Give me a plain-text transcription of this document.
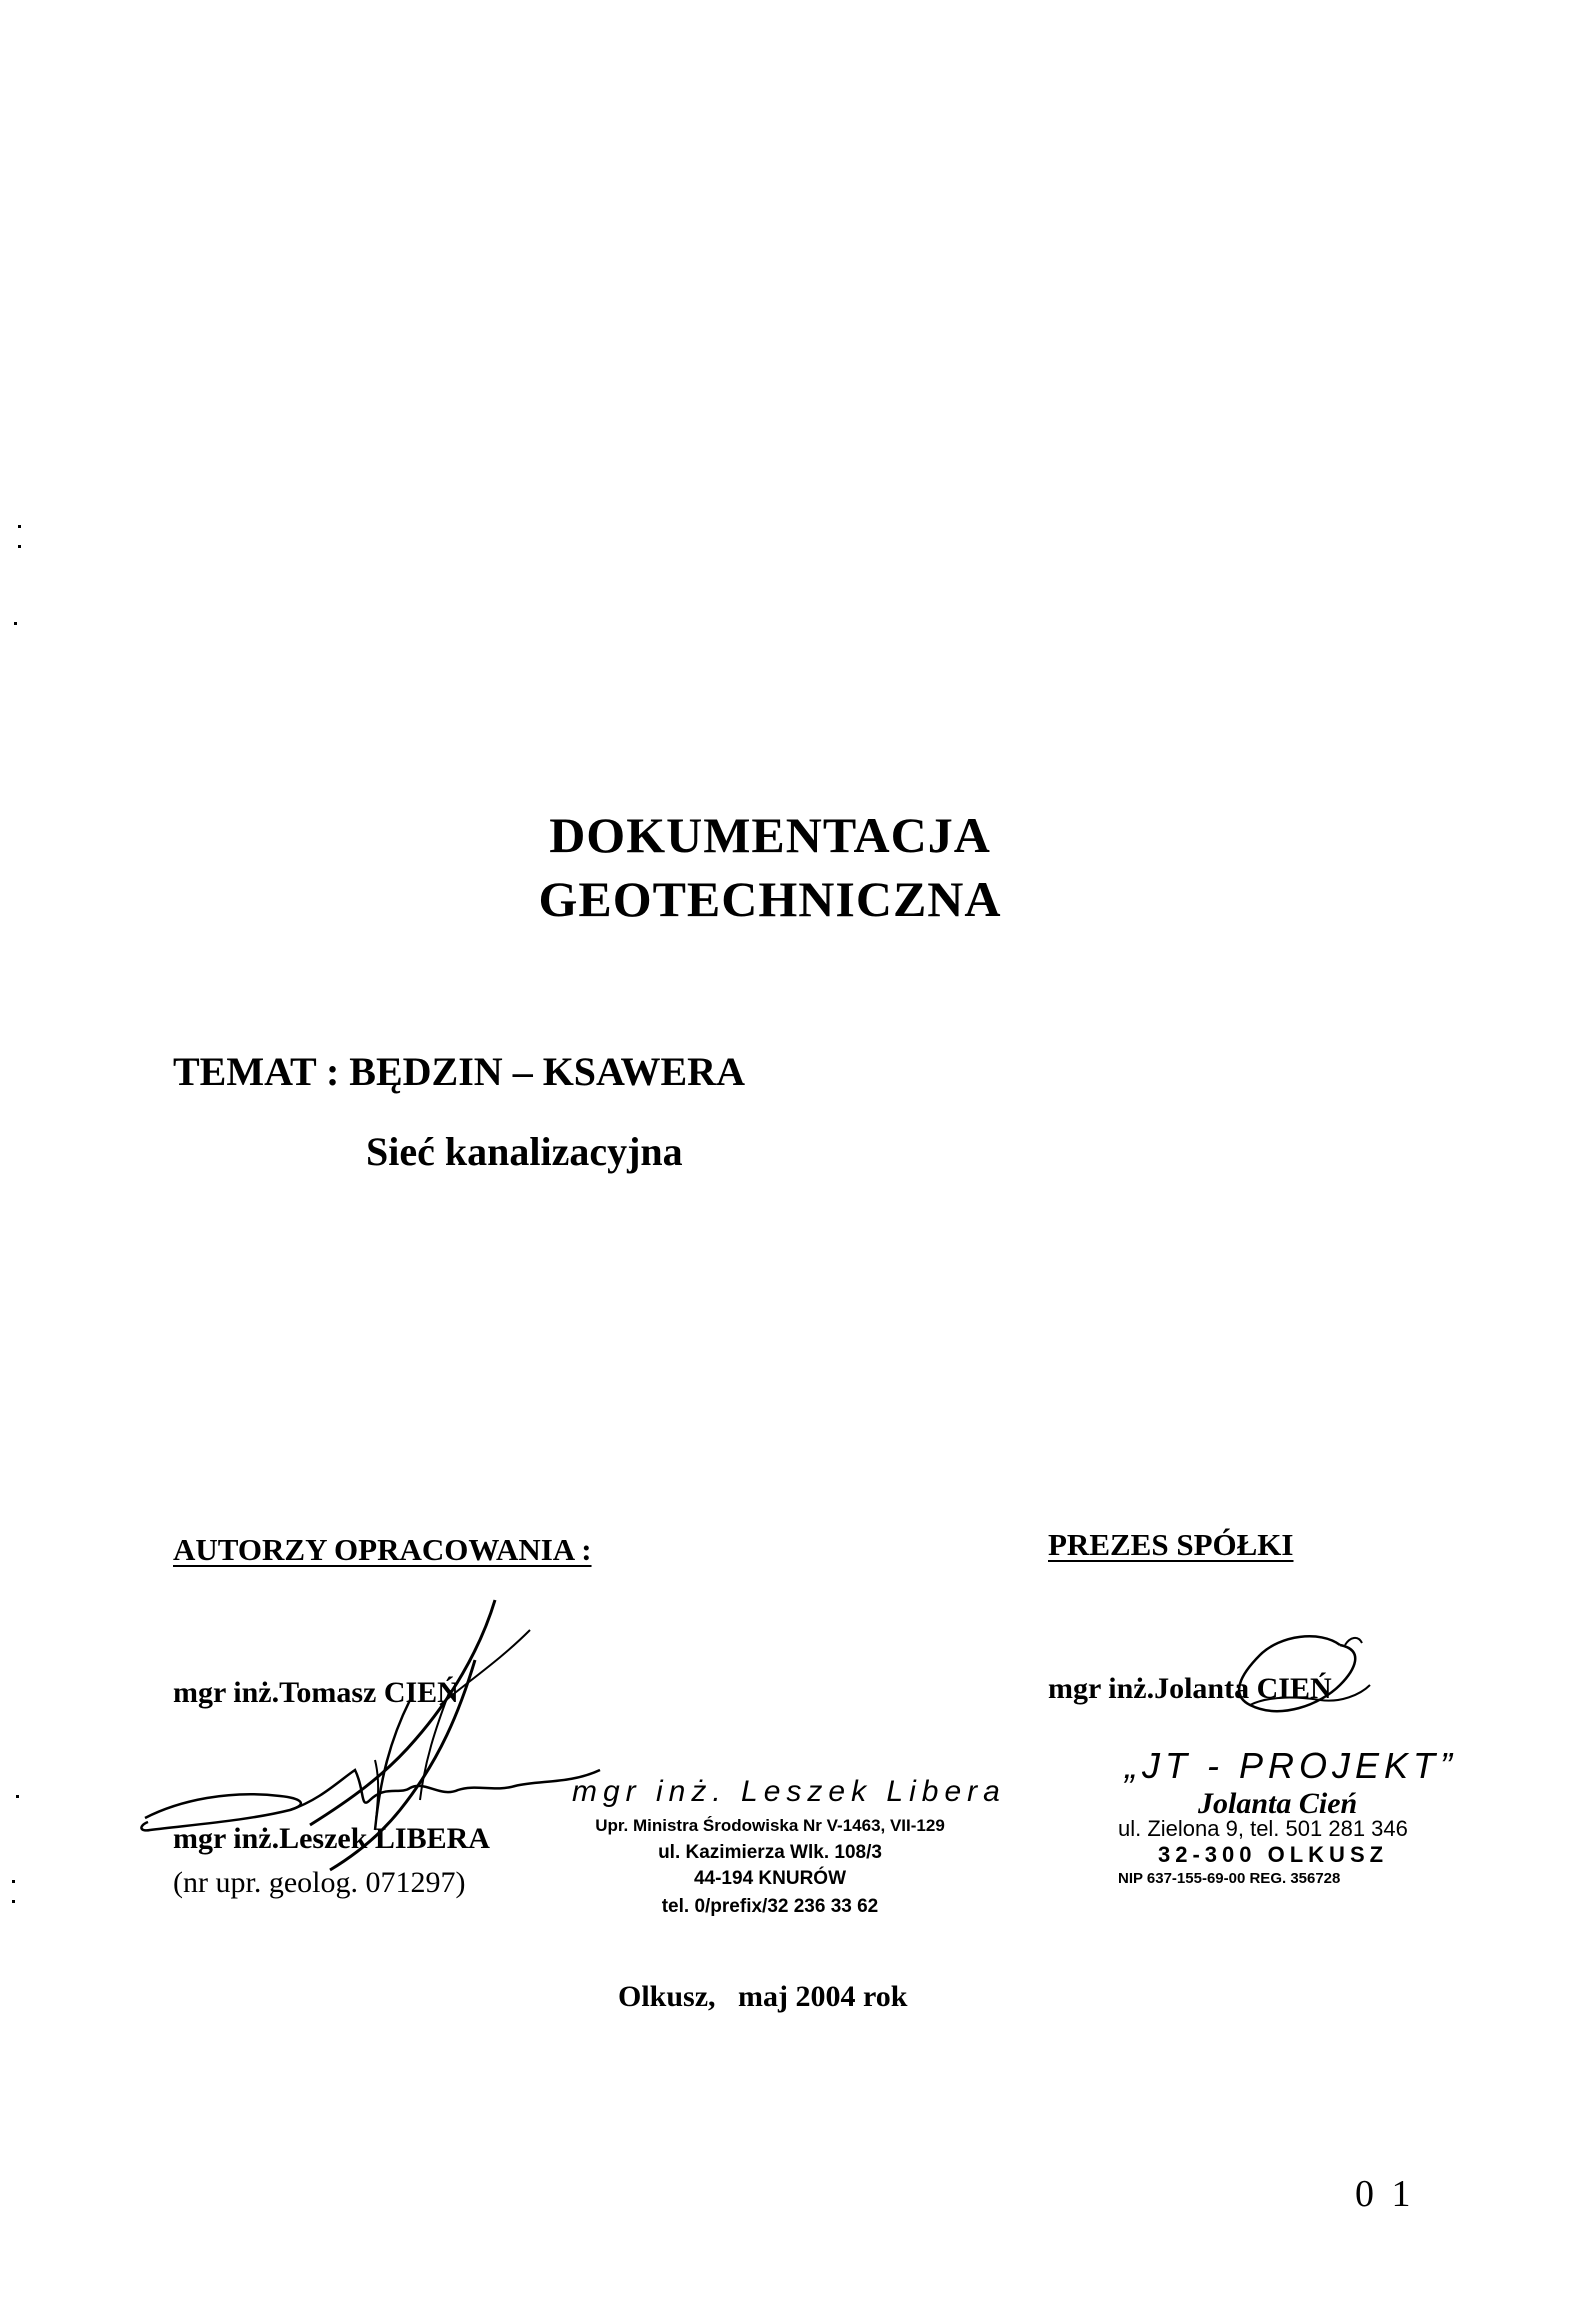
DOKUMENTACJA
GEOTECHNICZNA
TEMAT : BĘDZIN – KSAWERA
Sieć kanalizacyjna
AUTORZY OPRACOWANIA :	PREZES SPÓŁKI
mgr inż.Tomasz CIEŃ	mgr inż.Jolanta CIEŃ
mgr inż.Leszek LIBERA
(nr upr. geolog. 071297)
mgr inż. Leszek Libera
Upr. Ministra Środowiska Nr V-1463, VII-129
ul. Kazimierza Wlk. 108/3
44-194 KNURÓW
tel. 0/prefix/32 236 33 62
„JT - PROJEKT”
Jolanta Cień
ul. Zielona 9, tel. 501 281 346
32-300 OLKUSZ
NIP 637-155-69-00 REG. 356728
Olkusz,   maj 2004 rok
0 1
